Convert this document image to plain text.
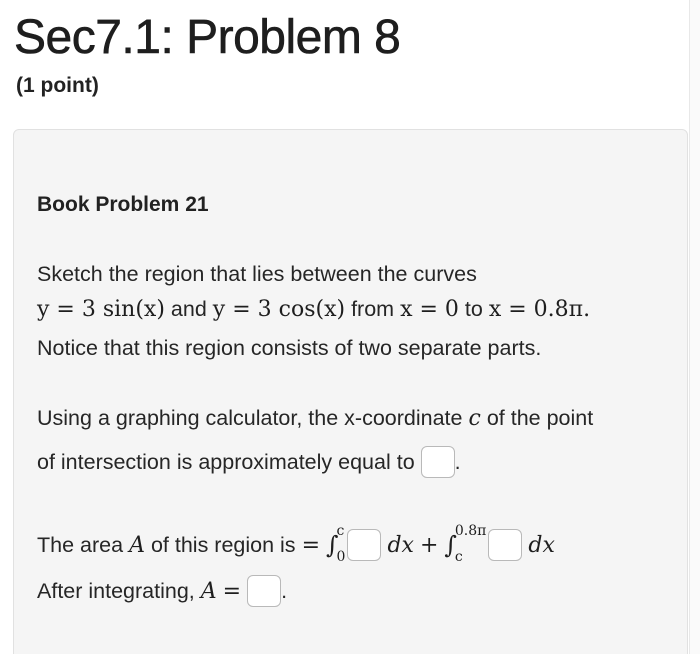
Sec7.1: Problem 8
(1 point)
Book Problem 21
Sketch the region that lies between the curves
y = 3 sin(x) and y = 3 cos(x) from x = 0 to x = 0.8π.
Notice that this region consists of two separate parts.
Using a graphing calculator, the x-coordinate c of the point
of intersection is approximately equal to .
The area A of this region is = ∫
c
0 dx + ∫
0.8π
c	dx
After integrating, A = .
